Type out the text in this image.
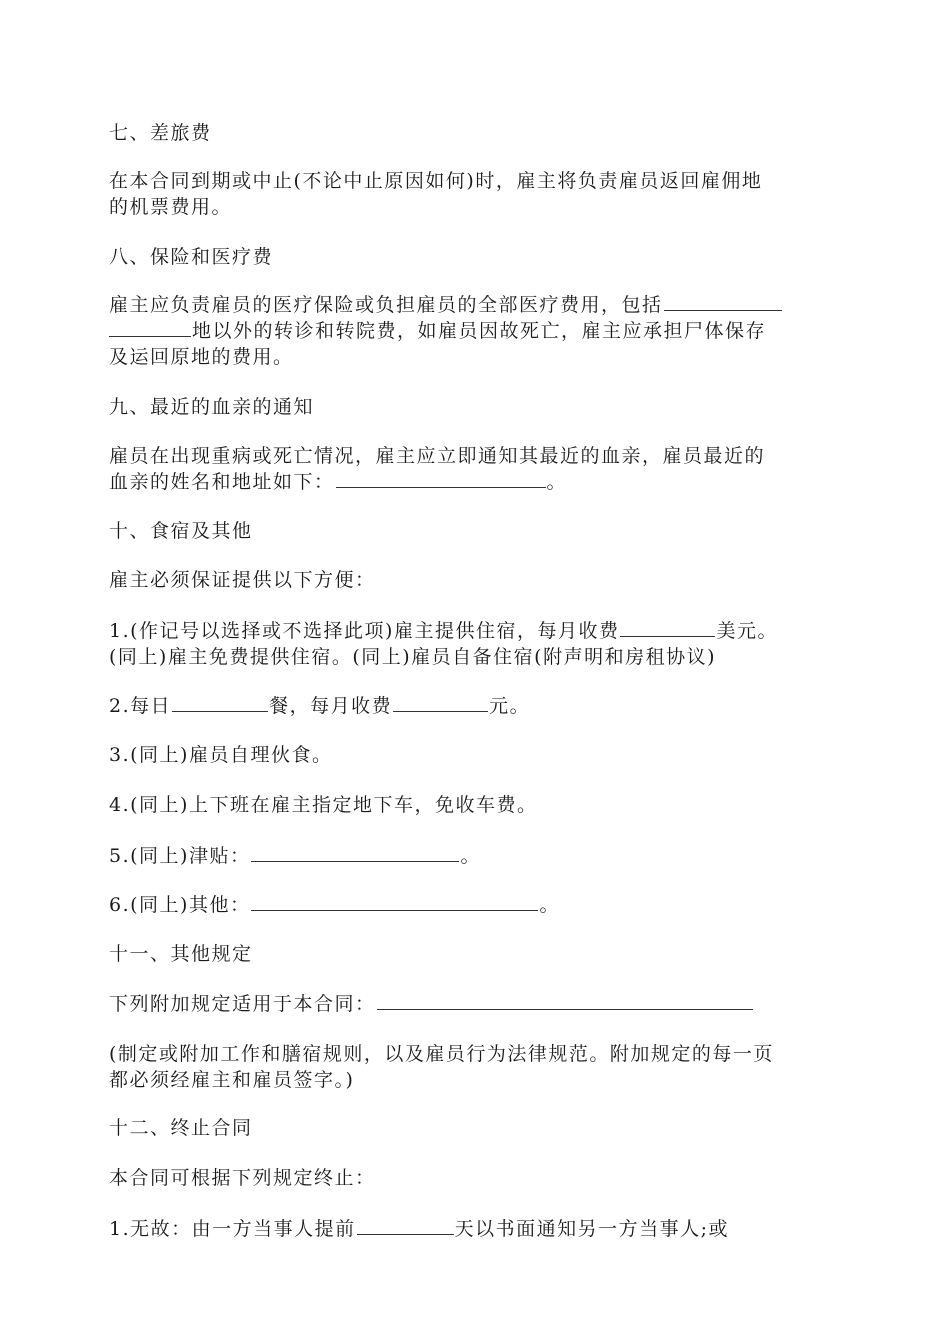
七、差旅费

在本合同到期或中止(不论中止原因如何)时，雇主将负责雇员返回雇佣地
的机票费用。

八、保险和医疗费

雇主应负责雇员的医疗保险或负担雇员的全部医疗费用，包括
地以外的转诊和转院费，如雇员因故死亡，雇主应承担尸体保存
及运回原地的费用。

九、最近的血亲的通知

雇员在出现重病或死亡情况，雇主应立即通知其最近的血亲，雇员最近的
血亲的姓名和地址如下：	。

十、食宿及其他

雇主必须保证提供以下方便：

1.(作记号以选择或不选择此项)雇主提供住宿，每月收费	美元。
(同上)雇主免费提供住宿。(同上)雇员自备住宿(附声明和房租协议)

2.每日	餐，每月收费	元。

3.(同上)雇员自理伙食。

4.(同上)上下班在雇主指定地下车，免收车费。

5.(同上)津贴：	。

6.(同上)其他：	。

十一、其他规定

下列附加规定适用于本合同：

(制定或附加工作和膳宿规则，以及雇员行为法律规范。附加规定的每一页
都必须经雇主和雇员签字。)

十二、终止合同

本合同可根据下列规定终止：

1.无故：由一方当事人提前	天以书面通知另一方当事人;或
